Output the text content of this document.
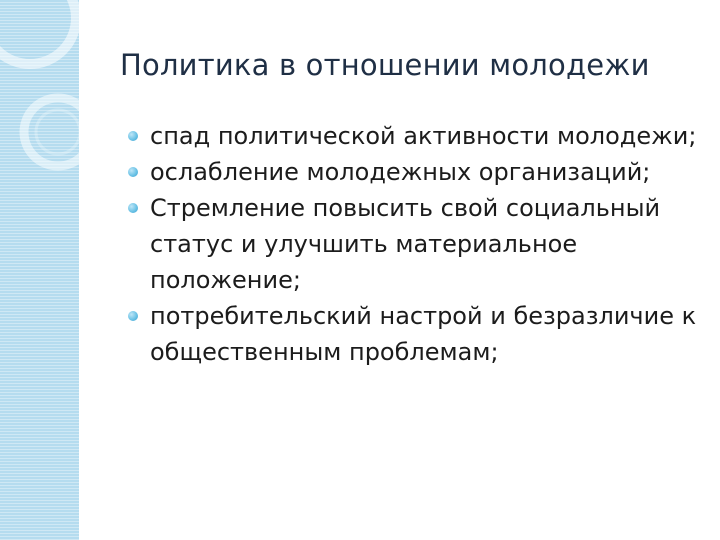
Политика в отношении молодежи
спад политической активности молодежи;
ослабление молодежных организаций;
Стремление повысить свой социальный статус и улучшить материальное положение;
потребительский настрой и безразличие к общественным проблемам;
